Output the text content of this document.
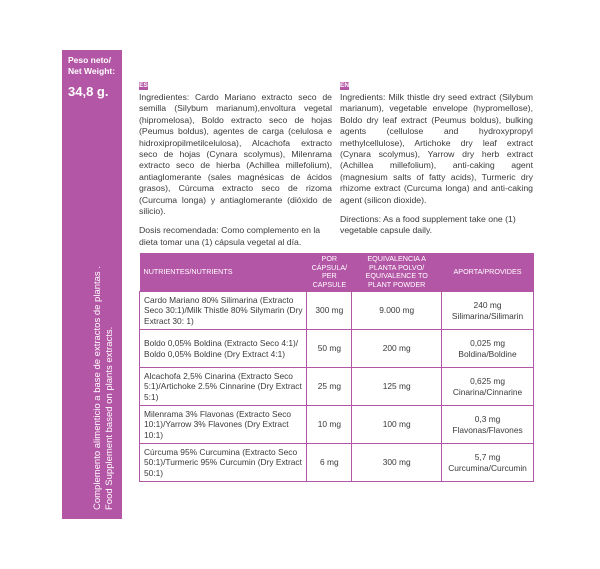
Peso neto/ Net Weight:
34,8 g.
Complemento alimenticio a base de extractos de plantas . Food Supplement based on plants extracts.
ES
Ingredientes: Cardo Mariano extracto seco de semilla (Silybum marianum),envoltura vegetal (hipromelosa), Boldo extracto seco de hojas (Peumus boldus), agentes de carga (celulosa e hidroxipropilmetilcelulosa), Alcachofa extracto seco de hojas (Cynara scolymus), Milenrama extracto seco de hierba (Achillea millefolium), antiaglomerante (sales magnésicas de ácidos grasos), Cúrcuma extracto seco de rizoma (Curcuma longa) y antiaglomerante (dióxido de silicio).
Dosis recomendada: Como complemento en la dieta tomar una (1) cápsula vegetal al día.
EN
Ingredients: Milk thistle dry seed extract (Silybum marianum), vegetable envelope (hypromellose), Boldo dry leaf extract (Peumus boldus), bulking agents (cellulose and hydroxypropyl methylcellulose), Artichoke dry leaf extract (Cynara scolymus), Yarrow dry herb extract (Achillea millefolium), anti-caking agent (magnesium salts of fatty acids), Turmeric dry rhizome extract (Curcuma longa) and anti-caking agent (silicon dioxide).
Directions: As a food supplement take one (1) vegetable capsule daily.
NUTRIENTES/NUTRIENTS	POR CÁPSULA/ PER CAPSULE	EQUIVALENCIA A PLANTA POLVO/ EQUIVALENCE TO PLANT POWDER	APORTA/PROVIDES
Cardo Mariano 80% Silimarina (Extracto Seco 30:1)/Milk Thistle 80% Silymarin (Dry Extract 30: 1)	300 mg	9.000 mg	240 mg
Silimarina/Silimarin

Boldo 0,05% Boldina (Extracto Seco 4:1)/ Boldo 0,05% Boldine (Dry Extract 4:1)	50 mg	200 mg	0,025 mg
Boldina/Boldine

Alcachofa 2,5% Cinarina (Extracto Seco 5:1)/Artichoke 2.5% Cinnarine (Dry Extract 5:1)	25 mg	125 mg	0,625 mg
Cinarina/Cinnarine

Milenrama 3% Flavonas (Extracto Seco 10:1)/Yarrow 3% Flavones (Dry Extract 10:1)	10 mg	100 mg	0,3 mg
Flavonas/Flavones

Cúrcuma 95% Curcumina (Extracto Seco 50:1)/Turmeric 95% Curcumin (Dry Extract 50:1)	6 mg	300 mg	5,7 mg
Curcumina/Curcumin
